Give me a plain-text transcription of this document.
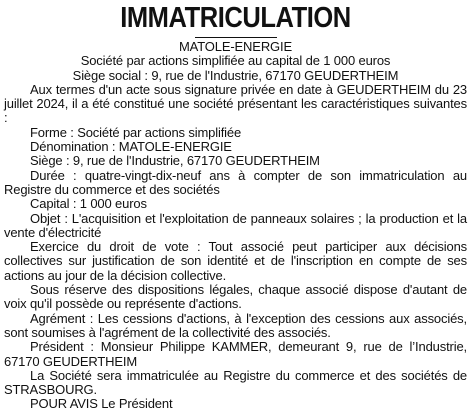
IMMATRICULATION

MATOLE-ENERGIE

Société par actions simplifiée au capital de 1 000 euros

Siège social : 9, rue de l'Industrie, 67170 GEUDERTHEIM

Aux termes d'un acte sous signature privée en date à GEUDERTHEIM du 23 juillet 2024, il a été constitué une société présentant les caractéristiques suivantes :

Forme : Société par actions simplifiée

Dénomination : MATOLE-ENERGIE

Siège : 9, rue de l'Industrie, 67170 GEUDERTHEIM

Durée : quatre-vingt-dix-neuf ans à compter de son immatriculation au Registre du commerce et des sociétés

Capital : 1 000 euros

Objet : L'acquisition et l'exploitation de panneaux solaires ; la production et la vente d'électricité

Exercice du droit de vote : Tout associé peut participer aux décisions collectives sur justification de son identité et de l'inscription en compte de ses actions au jour de la décision collective.

Sous réserve des dispositions légales, chaque associé dispose d'autant de voix qu'il possède ou représente d'actions.

Agrément : Les cessions d'actions, à l'exception des cessions aux associés, sont soumises à l'agrément de la collectivité des associés.

Président : Monsieur Philippe KAMMER, demeurant 9, rue de l’Industrie, 67170 GEUDERTHEIM

La Société sera immatriculée au Registre du commerce et des sociétés de STRASBOURG.

POUR AVIS Le Président
